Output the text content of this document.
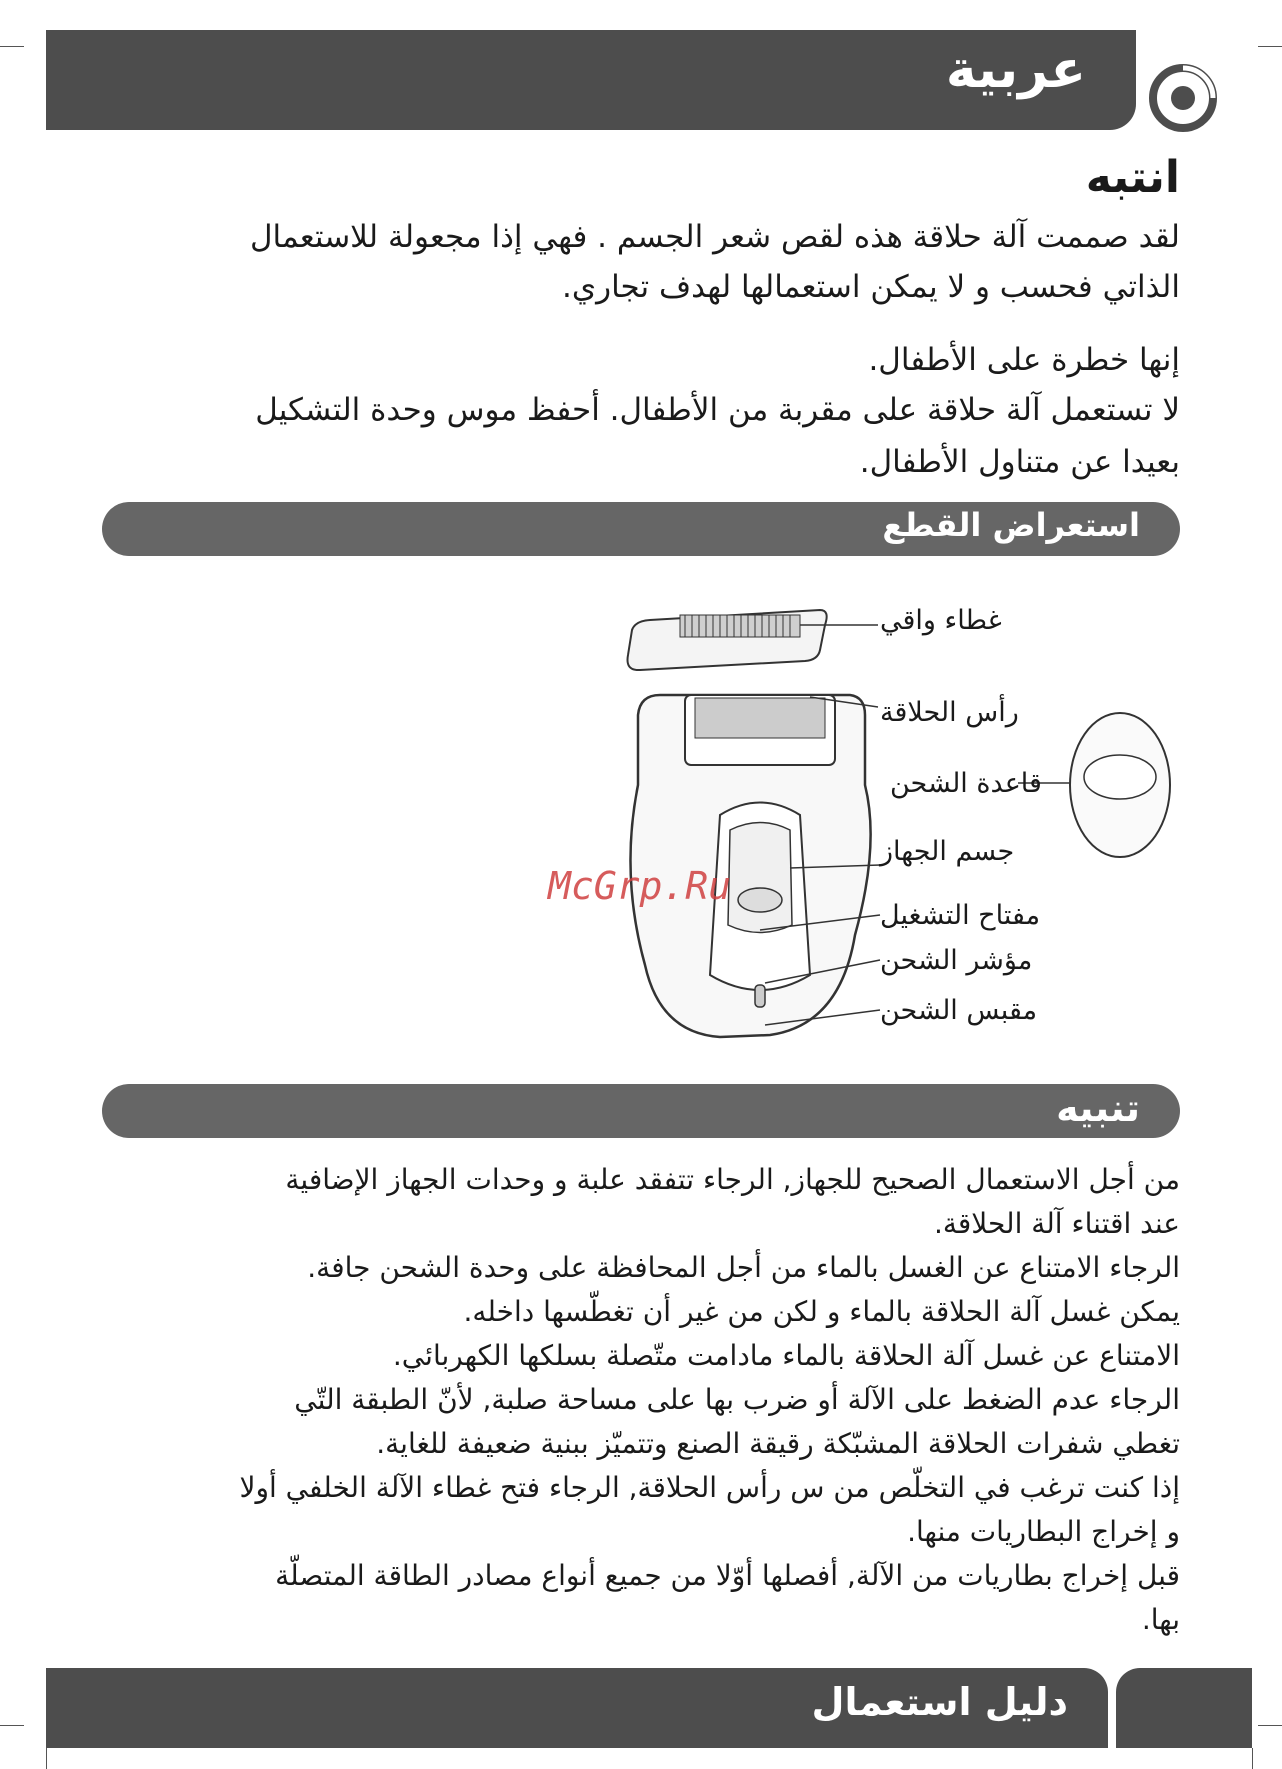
عربية
انتبه
لقد صممت آلة حلاقة هذه لقص شعر الجسم . فهي إذا مجعولة للاستعمال
الذاتي فحسب و لا يمكن استعمالها لهدف تجاري.
إنها خطرة على الأطفال.
لا تستعمل آلة حلاقة على مقربة من الأطفال. أحفظ موس وحدة التشكيل
بعيدا عن متناول الأطفال.
استعراض القطع
غطاء واقي
رأس الحلاقة
قاعدة الشحن
جسم الجهاز
مفتاح التشغيل
مؤشر الشحن
مقبس الشحن
McGrp.Ru
تنبيه
من أجل الاستعمال الصحيح للجهاز, الرجاء تتفقد علبة و وحدات الجهاز الإضافية
عند اقتناء آلة الحلاقة.
الرجاء الامتناع عن الغسل بالماء من أجل المحافظة على وحدة الشحن جافة.
يمكن غسل آلة الحلاقة بالماء و لكن من غير أن تغطّسها داخله.
الامتناع عن غسل آلة الحلاقة بالماء مادامت متّصلة بسلكها الكهربائي.
الرجاء عدم الضغط على الآلة أو ضرب بها على مساحة صلبة, لأنّ الطبقة التّي
تغطي شفرات الحلاقة المشبّكة رقيقة الصنع وتتميّز ببنية ضعيفة للغاية.
إذا كنت ترغب في التخلّص من س رأس الحلاقة, الرجاء فتح غطاء الآلة الخلفي أولا
و إخراج البطاريات منها.
قبل إخراج بطاريات من الآلة, أفصلها أوّلا من جميع أنواع مصادر الطاقة المتصلّة
بها.
دليل استعمال
